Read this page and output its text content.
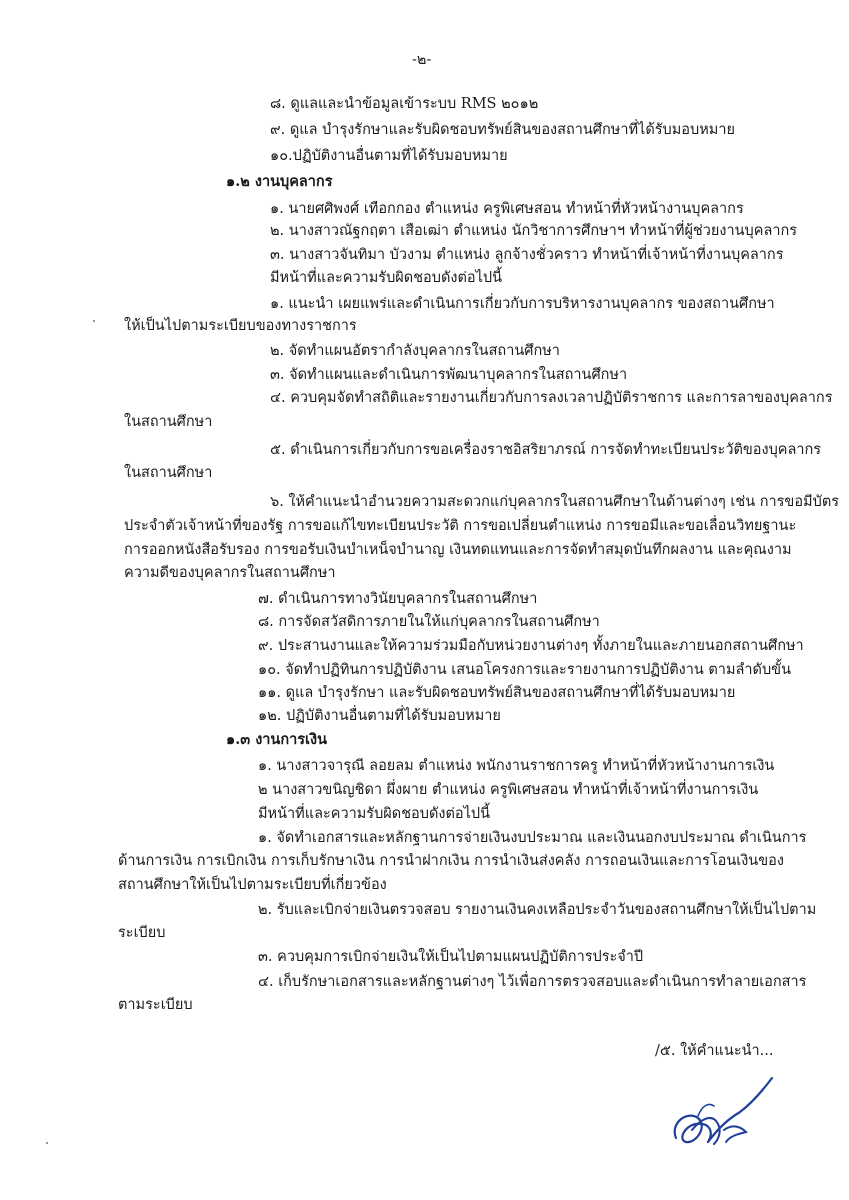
-๒-
๘. ดูแลและนำข้อมูลเข้าระบบ RMS ๒๐๑๒
๙. ดูแล บำรุงรักษาและรับผิดชอบทรัพย์สินของสถานศึกษาที่ได้รับมอบหมาย
๑๐.ปฏิบัติงานอื่นตามที่ได้รับมอบหมาย
๑.๒ งานบุคลากร
๑. นายศศิพงศ์ เทือกกอง ตำแหน่ง ครูพิเศษสอน ทำหน้าที่หัวหน้างานบุคลากร
๒. นางสาวณัฐกฤตา เสือเฒ่า ตำแหน่ง นักวิชาการศึกษาฯ ทำหน้าที่ผู้ช่วยงานบุคลากร
๓. นางสาวจันทิมา บัวงาม ตำแหน่ง ลูกจ้างชั่วคราว ทำหน้าที่เจ้าหน้าที่งานบุคลากร
มีหน้าที่และความรับผิดชอบดังต่อไปนี้
๑. แนะนำ เผยแพร่และดำเนินการเกี่ยวกับการบริหารงานบุคลากร ของสถานศึกษา
ให้เป็นไปตามระเบียบของทางราชการ
๒. จัดทำแผนอัตรากำลังบุคลากรในสถานศึกษา
๓. จัดทำแผนและดำเนินการพัฒนาบุคลากรในสถานศึกษา
๔. ควบคุมจัดทำสถิติและรายงานเกี่ยวกับการลงเวลาปฏิบัติราชการ และการลาของบุคลากร
ในสถานศึกษา
๕. ดำเนินการเกี่ยวกับการขอเครื่องราชอิสริยาภรณ์ การจัดทำทะเบียนประวัติของบุคลากร
ในสถานศึกษา
๖. ให้คำแนะนำอำนวยความสะดวกแก่บุคลากรในสถานศึกษาในด้านต่างๆ เช่น การขอมีบัตร
ประจำตัวเจ้าหน้าที่ของรัฐ การขอแก้ไขทะเบียนประวัติ การขอเปลี่ยนตำแหน่ง การขอมีและขอเลื่อนวิทยฐานะ
การออกหนังสือรับรอง การขอรับเงินบำเหน็จบำนาญ เงินทดแทนและการจัดทำสมุดบันทึกผลงาน และคุณงาม
ความดีของบุคลากรในสถานศึกษา
๗. ดำเนินการทางวินัยบุคลากรในสถานศึกษา
๘. การจัดสวัสดิการภายในให้แก่บุคลากรในสถานศึกษา
๙. ประสานงานและให้ความร่วมมือกับหน่วยงานต่างๆ ทั้งภายในและภายนอกสถานศึกษา
๑๐. จัดทำปฏิทินการปฏิบัติงาน เสนอโครงการและรายงานการปฏิบัติงาน ตามลำดับขั้น
๑๑. ดูแล บำรุงรักษา และรับผิดชอบทรัพย์สินของสถานศึกษาที่ได้รับมอบหมาย
๑๒. ปฏิบัติงานอื่นตามที่ได้รับมอบหมาย
๑.๓ งานการเงิน
๑. นางสาวจารุณี ลอยลม ตำแหน่ง พนักงานราชการครู ทำหน้าที่หัวหน้างานการเงิน
๒ นางสาวขนิญชิดา ผึ่งผาย ตำแหน่ง ครูพิเศษสอน ทำหน้าที่เจ้าหน้าที่งานการเงิน
มีหน้าที่และความรับผิดชอบดังต่อไปนี้
๑. จัดทำเอกสารและหลักฐานการจ่ายเงินงบประมาณ และเงินนอกงบประมาณ ดำเนินการ
ด้านการเงิน การเบิกเงิน การเก็บรักษาเงิน การนำฝากเงิน การนำเงินส่งคลัง การถอนเงินและการโอนเงินของ
สถานศึกษาให้เป็นไปตามระเบียบที่เกี่ยวข้อง
๒. รับและเบิกจ่ายเงินตรวจสอบ รายงานเงินคงเหลือประจำวันของสถานศึกษาให้เป็นไปตาม
ระเบียบ
๓. ควบคุมการเบิกจ่ายเงินให้เป็นไปตามแผนปฏิบัติการประจำปี
๔. เก็บรักษาเอกสารและหลักฐานต่างๆ ไว้เพื่อการตรวจสอบและดำเนินการทำลายเอกสาร
ตามระเบียบ
/๕. ให้คำแนะนำ...
